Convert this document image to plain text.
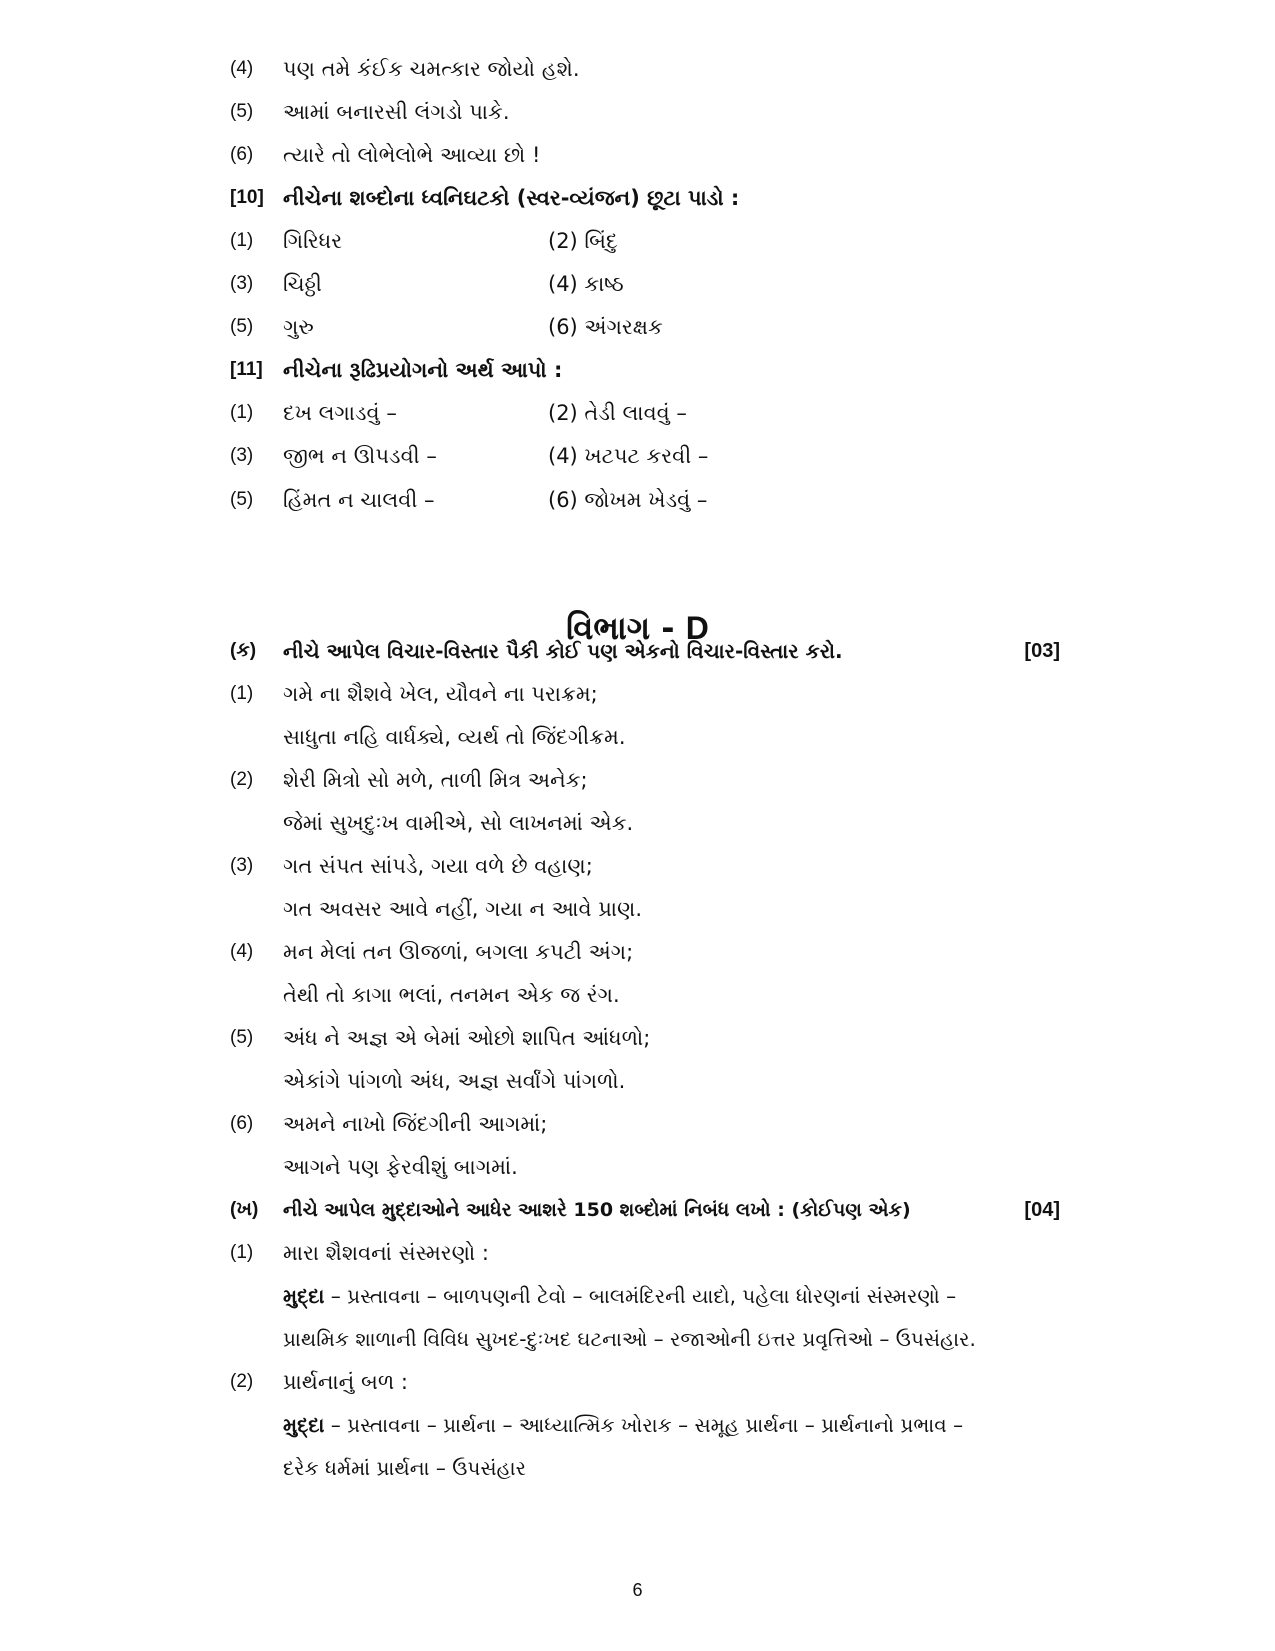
(4) પણ તમે કંઈક ચમત્કાર જોયો હશે.
(5) આમાં બનારસી લંગડો પાકે.
(6) ત્યારે તો લોભેલોભે આવ્યા છો !
[10] નીચેના શબ્દોના ધ્વનિઘટકો (સ્વર-વ્યંજન) છૂટા પાડો :
(1) ગિરિધર	(2) બિંદુ
(3) ચિઠ્ઠી	(4) કાષ્ઠ
(5) ગુરુ	(6) અંગરક્ષક
[11] નીચેના રૂઢિપ્રયોગનો અર્થ આપો :
(1) દખ લગાડવું –	(2) તેડી લાવવું –
(3) જીભ ન ઊપડવી –	(4) ખટપટ કરવી –
(5) હિંમત ન ચાલવી –	(6) જોખમ ખેડવું –
વિભાગ - D
(ક) નીચે આપેલ વિચાર-વિસ્તાર પૈકી કોઈ પણ એકનો વિચાર-વિસ્તાર કરો.	[03]
(1) ગમે ના શૈશવે ખેલ, યૌવને ના પરાક્રમ;
સાધુતા નહિ વાર્ધક્યે, વ્યર્થ તો જિંદગીક્રમ.
(2) શેરી મિત્રો સો મળે, તાળી મિત્ર અનેક;
જેમાં સુખદુઃખ વામીએ, સો લાખનમાં એક.
(3) ગત સંપત સાંપડે, ગયા વળે છે વહાણ;
ગત અવસર આવે નહીં, ગયા ન આવે પ્રાણ.
(4) મન મેલાં તન ઊજળાં, બગલા કપટી અંગ;
તેથી તો કાગા ભલાં, તનમન એક જ રંગ.
(5) અંધ ને અજ્ઞ એ બેમાં ઓછો શાપિત આંધળો;
એકાંગે પાંગળો અંધ, અજ્ઞ સર્વાંગે પાંગળો.
(6) અમને નાખો જિંદગીની આગમાં;
આગને પણ ફેરવીશું બાગમાં.
(ખ) નીચે આપેલ મુદ્દાઓને આધેર આશરે 150 શબ્દોમાં નિબંધ લખો : (કોઈપણ એક)	[04]
(1) મારા શૈશવનાં સંસ્મરણો :
મુદ્દા – પ્રસ્તાવના – બાળપણની ટેવો – બાલમંદિરની યાદો, પહેલા ધોરણનાં સંસ્મરણો –
પ્રાથમિક શાળાની વિવિધ સુખદ-દુઃખદ ઘટનાઓ – રજાઓની ઇત્તર પ્રવૃત્તિઓ – ઉપસંહાર.
(2) પ્રાર્થનાનું બળ :
મુદ્દા – પ્રસ્તાવના – પ્રાર્થના – આધ્યાત્મિક ખોરાક – સમૂહ પ્રાર્થના – પ્રાર્થનાનો પ્રભાવ –
દરેક ધર્મમાં પ્રાર્થના – ઉપસંહાર
6
